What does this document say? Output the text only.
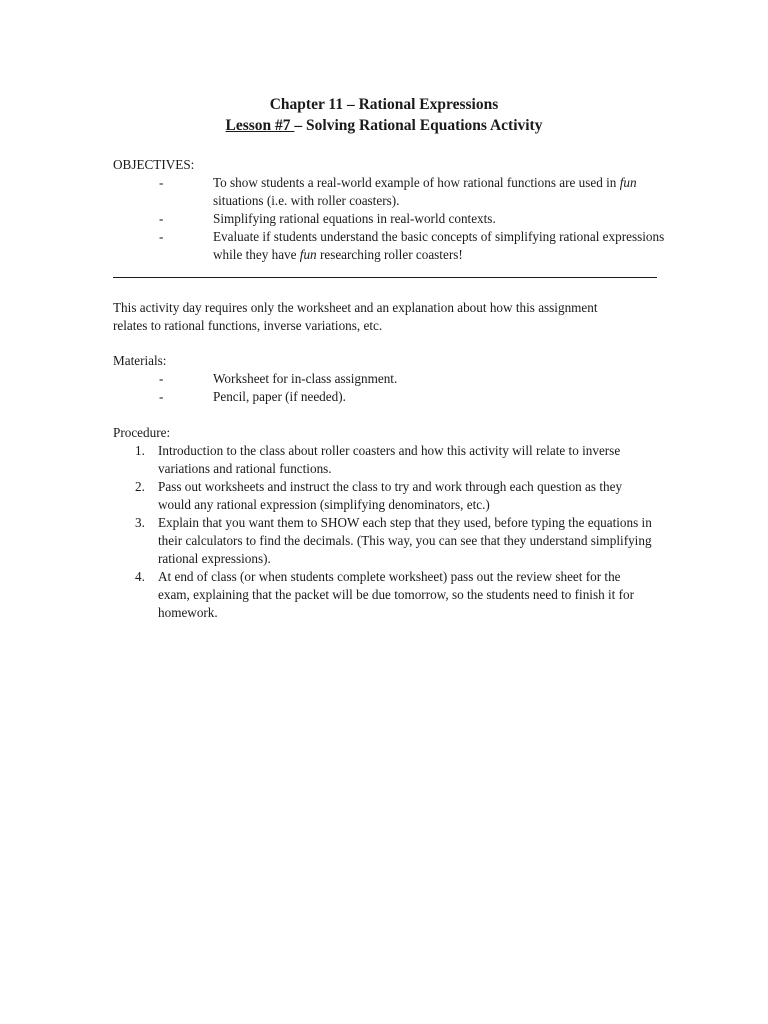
Chapter 11 – Rational Expressions
Lesson #7 – Solving Rational Equations Activity
OBJECTIVES:
-	To show students a real-world example of how rational functions are used in fun situations (i.e. with roller coasters).
-	Simplifying rational equations in real-world contexts.
-	Evaluate if students understand the basic concepts of simplifying rational expressions while they have fun researching roller coasters!
This activity day requires only the worksheet and an explanation about how this assignment relates to rational functions, inverse variations, etc.
Materials:
-	Worksheet for in-class assignment.
-	Pencil, paper (if needed).
Procedure:
1. Introduction to the class about roller coasters and how this activity will relate to inverse variations and rational functions.
2. Pass out worksheets and instruct the class to try and work through each question as they would any rational expression (simplifying denominators, etc.)
3. Explain that you want them to SHOW each step that they used, before typing the equations in their calculators to find the decimals. (This way, you can see that they understand simplifying rational expressions).
4. At end of class (or when students complete worksheet) pass out the review sheet for the exam, explaining that the packet will be due tomorrow, so the students need to finish it for homework.
